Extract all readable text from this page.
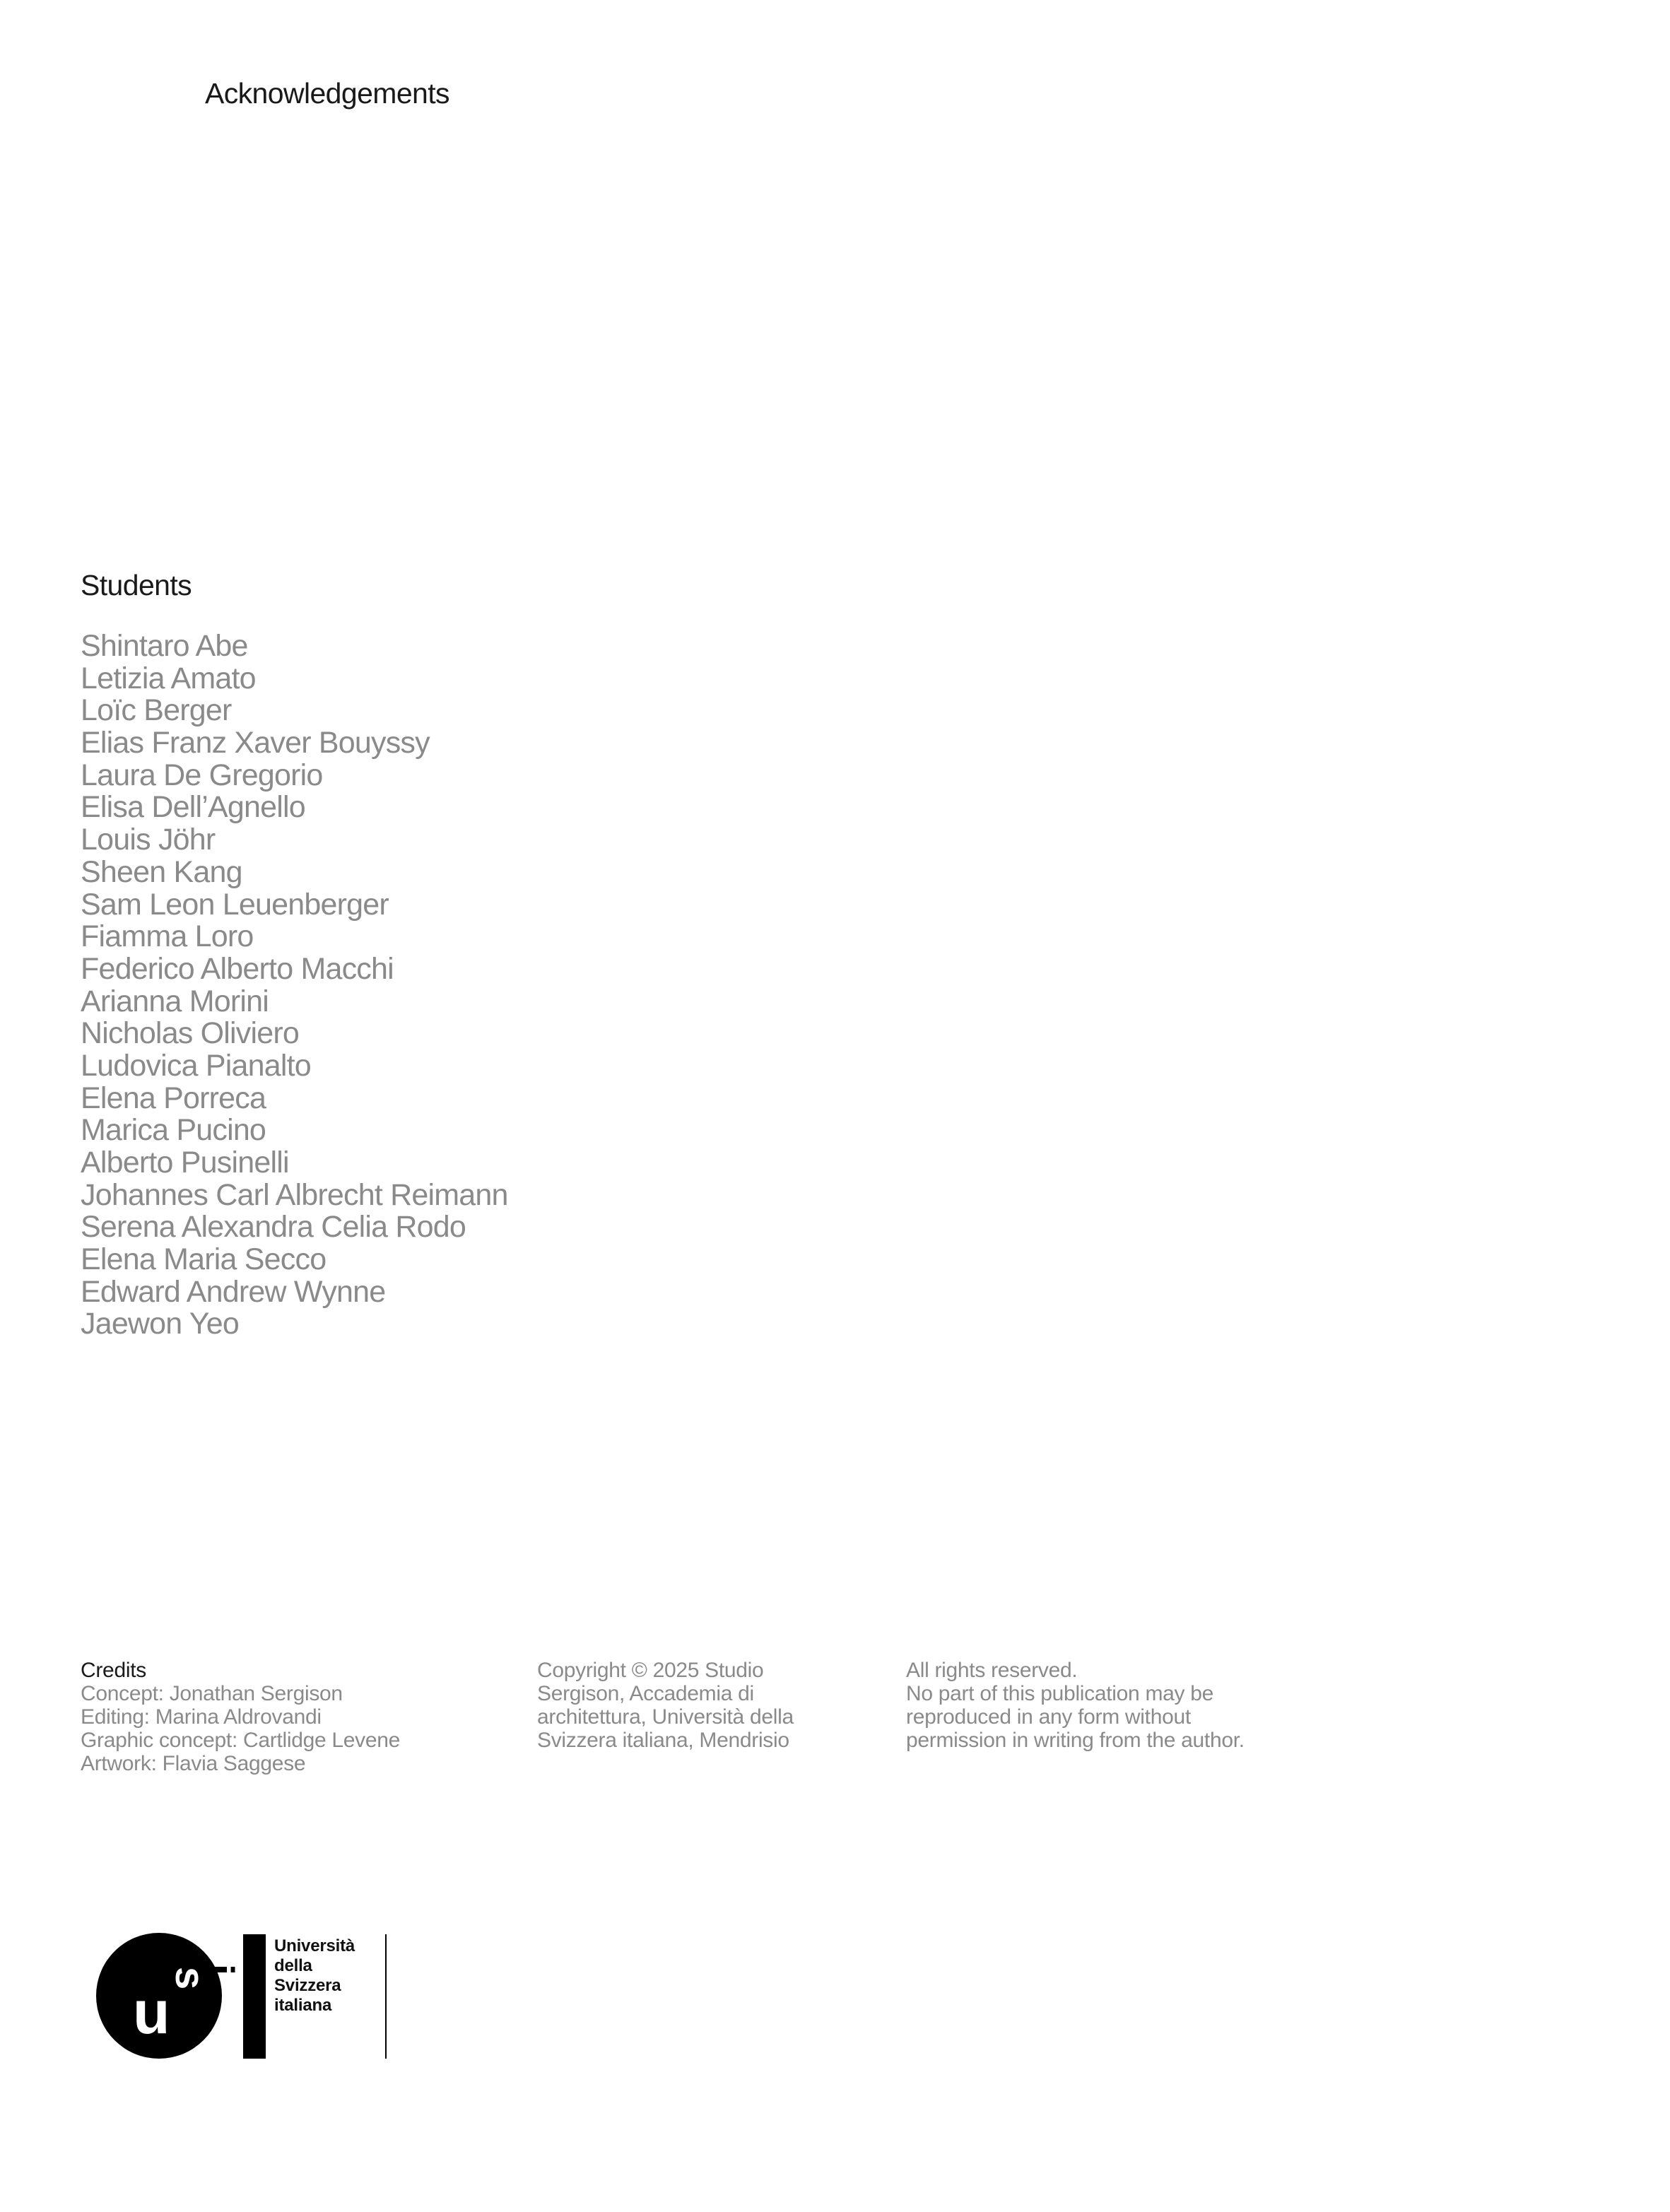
Acknowledgements
Students
Shintaro Abe
Letizia Amato
Loïc Berger
Elias Franz Xaver Bouyssy
Laura De Gregorio
Elisa Dell’Agnello
Louis Jöhr
Sheen Kang
Sam Leon Leuenberger
Fiamma Loro
Federico Alberto Macchi
Arianna Morini
Nicholas Oliviero
Ludovica Pianalto
Elena Porreca
Marica Pucino
Alberto Pusinelli
Johannes Carl Albrecht Reimann
Serena Alexandra Celia Rodo
Elena Maria Secco
Edward Andrew Wynne
Jaewon Yeo
Credits
Concept: Jonathan Sergison
Editing: Marina Aldrovandi
Graphic concept: Cartlidge Levene
Artwork: Flavia Saggese
Copyright © 2025 Studio
Sergison, Accademia di
architettura, Università della
Svizzera italiana, Mendrisio
All rights reserved.
No part of this publication may be
reproduced in any form without
permission in writing from the author.
u
s
i
Università
della
Svizzera
italiana
